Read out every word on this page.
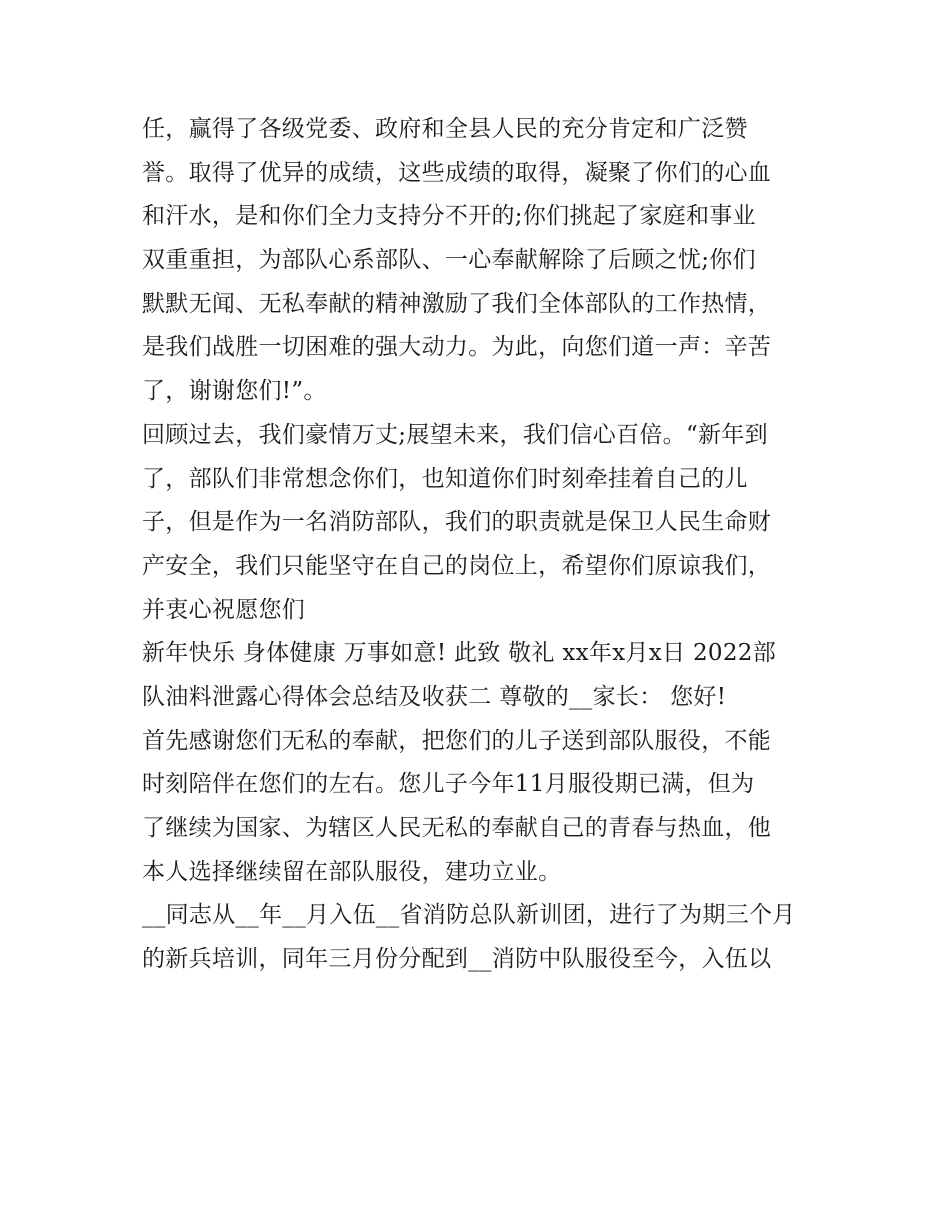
任，赢得了各级党委、政府和全县人民的充分肯定和广泛赞
誉。取得了优异的成绩，这些成绩的取得，凝聚了你们的心血
和汗水，是和你们全力支持分不开的;你们挑起了家庭和事业
双重重担，为部队心系部队、一心奉献解除了后顾之忧;你们
默默无闻、无私奉献的精神激励了我们全体部队的工作热情，
是我们战胜一切困难的强大动力。为此，向您们道一声：辛苦
了，谢谢您们!”。
回顾过去，我们豪情万丈;展望未来，我们信心百倍。“新年到
了，部队们非常想念你们，也知道你们时刻牵挂着自己的儿
子，但是作为一名消防部队，我们的职责就是保卫人民生命财
产安全，我们只能坚守在自己的岗位上，希望你们原谅我们，
并衷心祝愿您们
新年快乐 身体健康 万事如意! 此致 敬礼 xx年x月x日 2022部
队油料泄露心得体会总结及收获二 尊敬的__家长： 您好!
首先感谢您们无私的奉献，把您们的儿子送到部队服役，不能
时刻陪伴在您们的左右。您儿子今年11月服役期已满，但为
了继续为国家、为辖区人民无私的奉献自己的青春与热血，他
本人选择继续留在部队服役，建功立业。
__同志从__年__月入伍__省消防总队新训团，进行了为期三个月
的新兵培训，同年三月份分配到__消防中队服役至今，入伍以
